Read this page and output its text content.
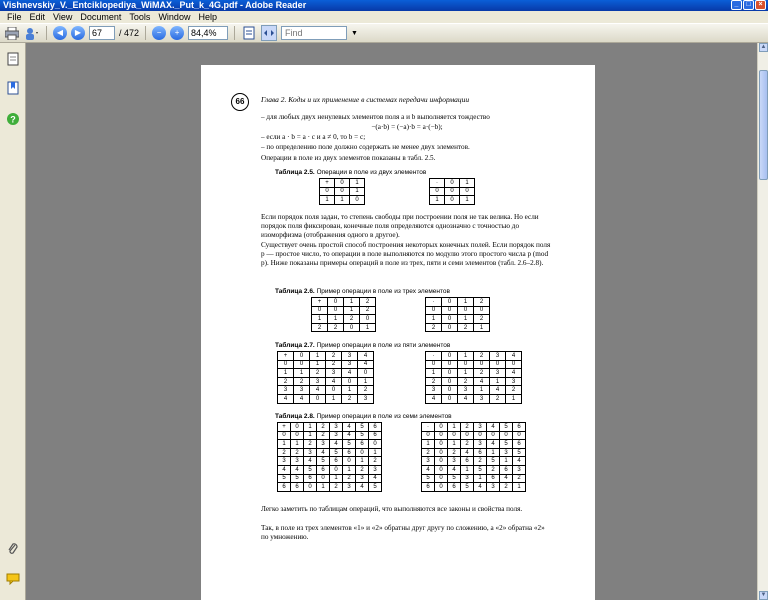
Vishnevskiy_V._Entciklopediya_WiMAX._Put_k_4G.pdf - Adobe Reader	_	□	×
File Edit View Document Tools Window Help
◀	▶
67	/ 472	−	+	84,4%
Find	▼
?
66	Глава 2. Коды и их применение в системах передачи информации
– для любых двух ненулевых элементов поля a и b выполняется тождество
−(a·b) = (−a)·b = a·(−b);
– если a · b = a · c и a ≠ 0, то b = c;
– по определению поле должно содержать не менее двух элементов.
Операции в поле из двух элементов показаны в табл. 2.5.
Таблица 2.5. Операции в поле из двух элементов
+	0	1
0	0	1
1	1	0
·	0	1
0	0	0
1	0	1
Если порядок поля задан, то степень свободы при построении поля не так велика. Но если порядок поля фиксирован, конечные поля определяются однозначно с точностью до изоморфизма (отображения одного в другое).
Существует очень простой способ построения некоторых конечных полей. Если порядок поля p — простое число, то операции в поле выполняются по модулю этого простого числа p (mod p). Ниже показаны примеры операций в поле из трех, пяти и семи элементов (табл. 2.6–2.8).
Таблица 2.6. Пример операции в поле из трех элементов
+	0	1	2
0	0	1	2
1	1	2	0
2	2	0	1
·	0	1	2
0	0	0	0
1	0	1	2
2	0	2	1
Таблица 2.7. Пример операции в поле из пяти элементов
+	0	1	2	3	4
0	0	1	2	3	4
1	1	2	3	4	0
2	2	3	4	0	1
3	3	4	0	1	2
4	4	0	1	2	3
·	0	1	2	3	4
0	0	0	0	0	0
1	0	1	2	3	4
2	0	2	4	1	3
3	0	3	1	4	2
4	0	4	3	2	1
Таблица 2.8. Пример операции в поле из семи элементов
+	0	1	2	3	4	5	6
0	0	1	2	3	4	5	6
1	1	2	3	4	5	6	0
2	2	3	4	5	6	0	1
3	3	4	5	6	0	1	2
4	4	5	6	0	1	2	3
5	5	6	0	1	2	3	4
6	6	0	1	2	3	4	5
·	0	1	2	3	4	5	6
0	0	0	0	0	0	0	0
1	0	1	2	3	4	5	6
2	0	2	4	6	1	3	5
3	0	3	6	2	5	1	4
4	0	4	1	5	2	6	3
5	0	5	3	1	6	4	2
6	0	6	5	4	3	2	1
Легко заметить по таблицам операций, что выполняются все законы и свойства поля.
Так, в поле из трех элементов «1» и «2» обратны друг другу по сложению, а «2» обратна «2» по умножению.
▲
▼
